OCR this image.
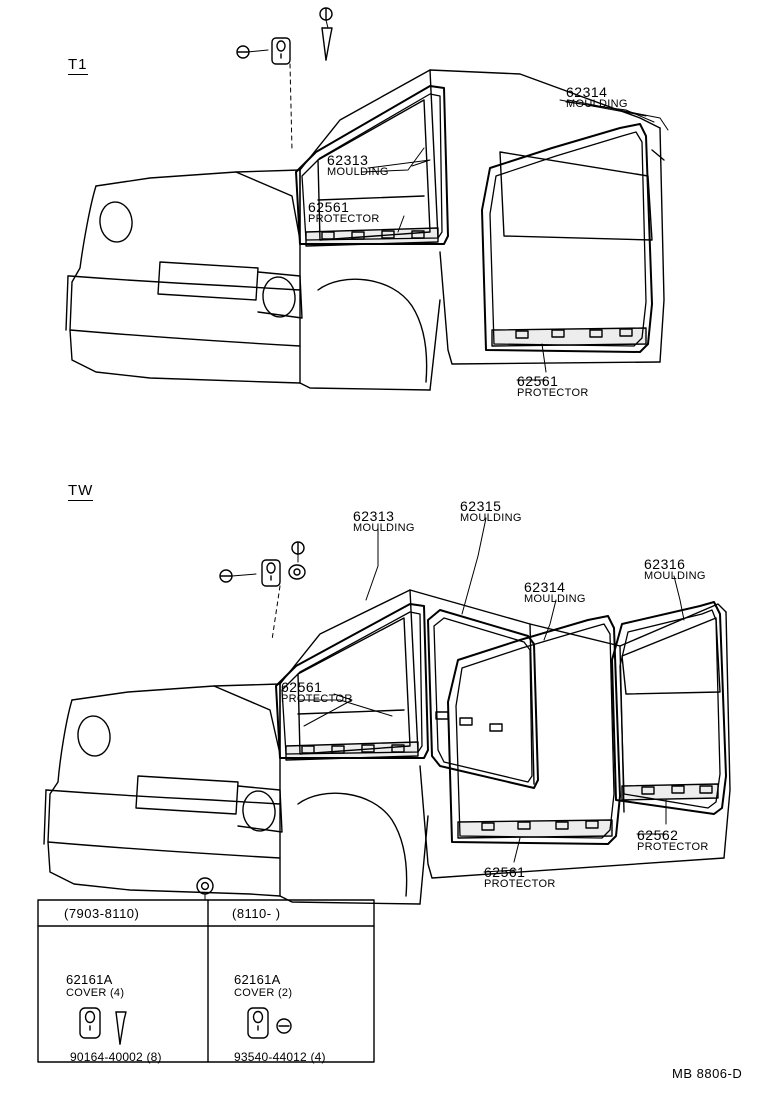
T1
TW
62314
MOULDING
62313
MOULDING
62561
PROTECTOR
62561
PROTECTOR
62313
MOULDING
62315
MOULDING
62316
MOULDING
62314
MOULDING
62561
PROTECTOR
62561
PROTECTOR
62562
PROTECTOR
(7903-8110)	(8110- )
62161A
COVER (4)
90164-40002 (8)
62161A
COVER (2)
93540-44012 (4)
MB 8806-D
